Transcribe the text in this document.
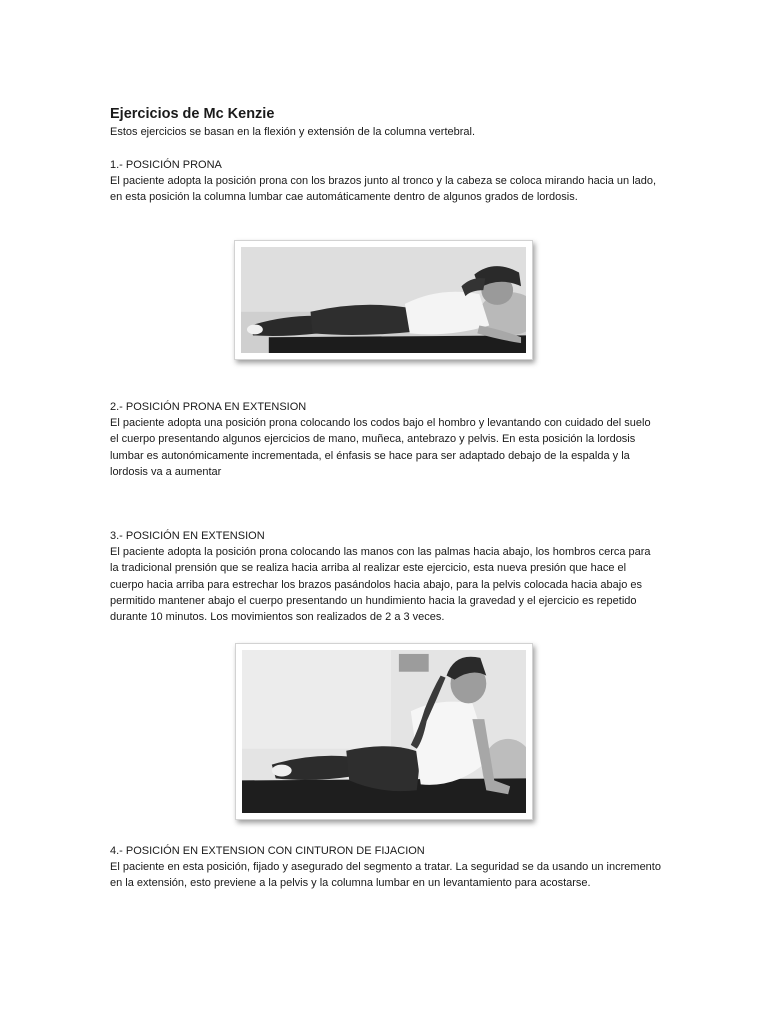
Ejercicios de Mc Kenzie

Estos ejercicios se basan en la flexión y extensión de la columna vertebral.

1.- POSICIÓN PRONA

El paciente adopta la posición prona con los brazos junto al tronco y la cabeza se coloca mirando hacia un lado, en esta posición la columna lumbar cae automáticamente dentro de algunos grados de lordosis.

2.- POSICIÓN PRONA EN EXTENSION

El paciente adopta una posición prona colocando los codos bajo el hombro y levantando con cuidado del suelo el cuerpo presentando algunos ejercicios de mano, muñeca, antebrazo y pelvis. En esta posición la lordosis lumbar es autonómicamente incrementada, el énfasis se hace para ser adaptado debajo de la espalda y la lordosis va a aumentar

3.- POSICIÓN EN EXTENSION

El paciente adopta la posición prona colocando las manos con las palmas hacia abajo, los hombros cerca para la tradicional prensión que se realiza hacia arriba al realizar este ejercicio, esta nueva presión que hace el cuerpo hacia arriba para estrechar los brazos pasándolos hacia abajo, para la pelvis colocada hacia abajo es permitido mantener abajo el cuerpo presentando un hundimiento hacia la gravedad y el ejercicio es repetido durante 10 minutos. Los movimientos son realizados de 2 a 3 veces.

4.- POSICIÓN EN EXTENSION CON CINTURON DE FIJACION

El paciente en esta posición, fijado y asegurado del segmento a tratar. La seguridad se da usando un incremento en la extensión, esto previene a la pelvis y la columna lumbar en un levantamiento para acostarse.
